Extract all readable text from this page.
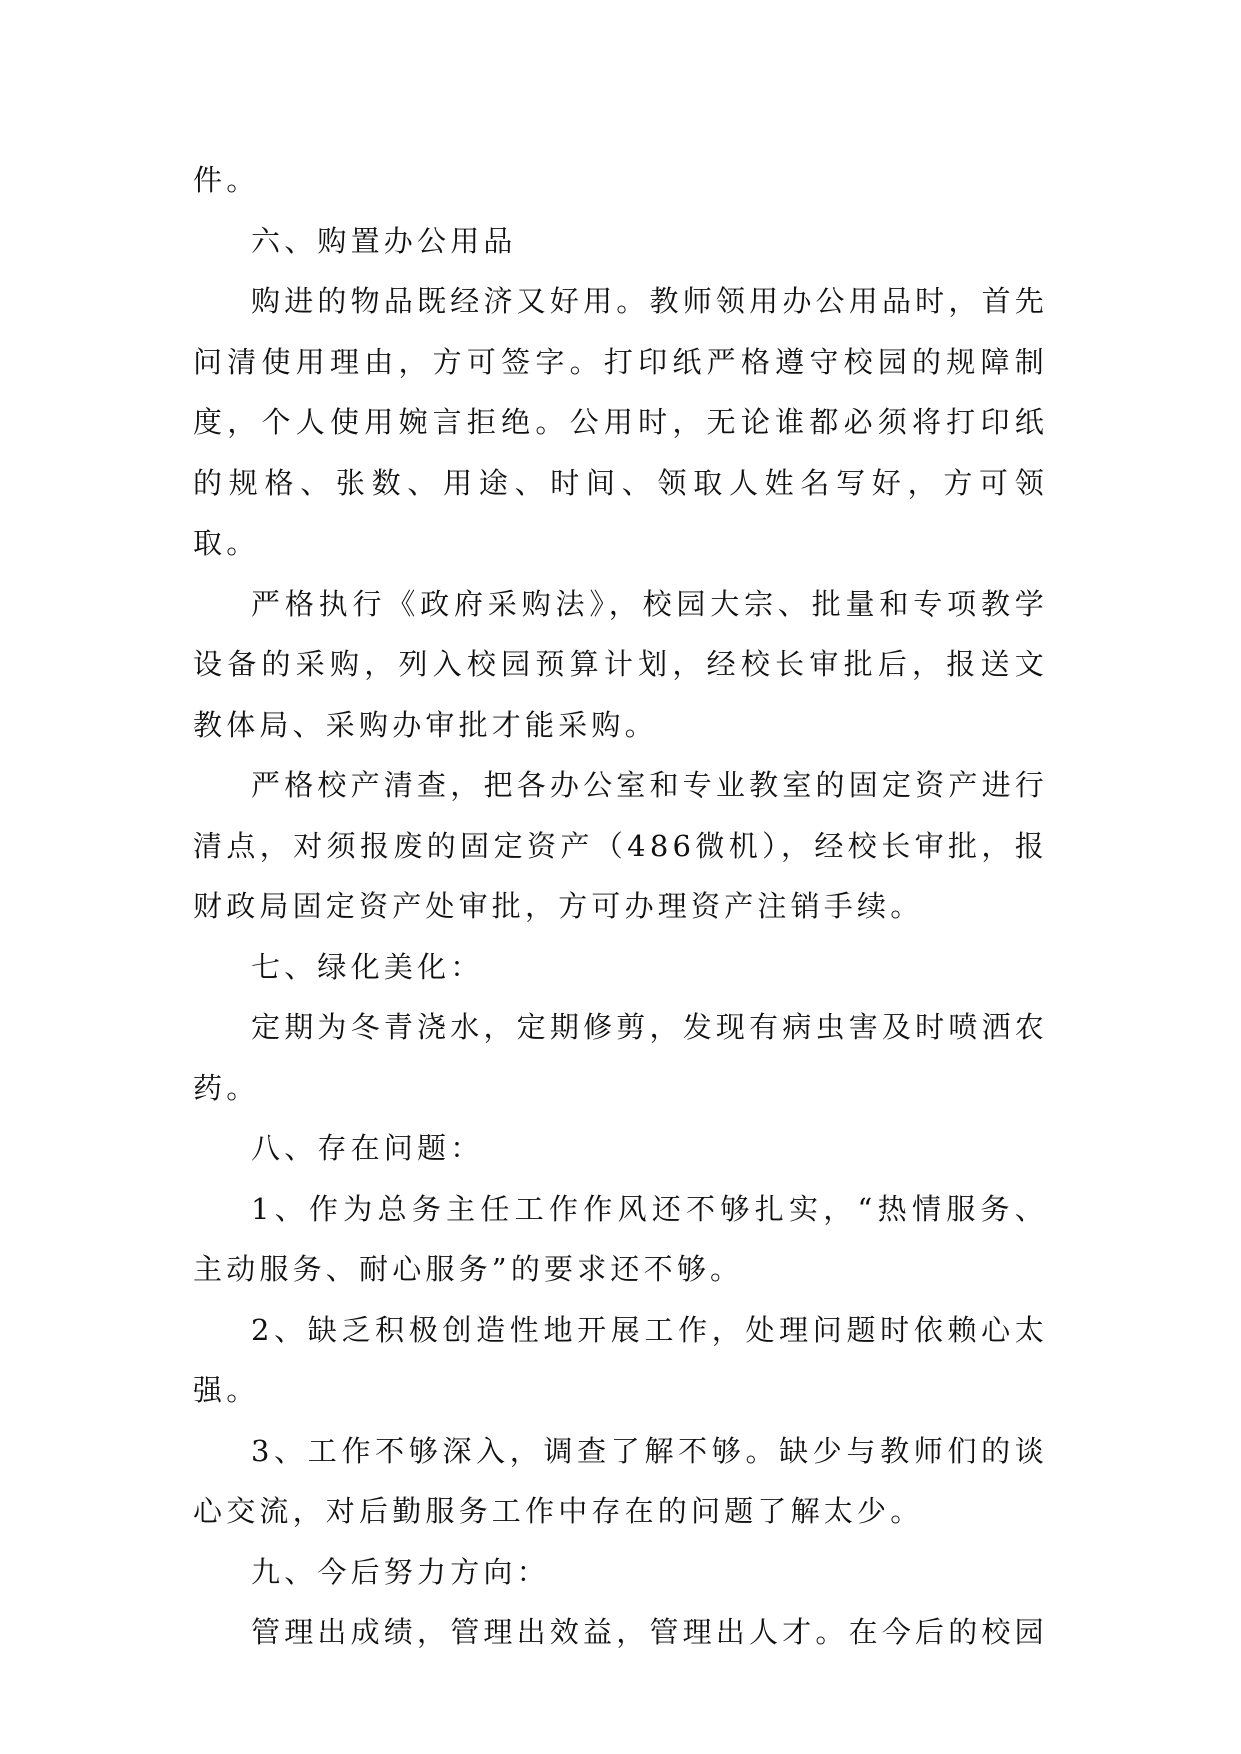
件。

六、购置办公用品

购进的物品既经济又好用。教师领用办公用品时，首先问清使用理由，方可签字。打印纸严格遵守校园的规障制度，个人使用婉言拒绝。公用时，无论谁都必须将打印纸的规格、张数、用途、时间、领取人姓名写好，方可领取。

严格执行《政府采购法》，校园大宗、批量和专项教学设备的采购，列入校园预算计划，经校长审批后，报送文教体局、采购办审批才能采购。

严格校产清查，把各办公室和专业教室的固定资产进行清点，对须报废的固定资产（486微机），经校长审批，报财政局固定资产处审批，方可办理资产注销手续。

七、绿化美化：

定期为冬青浇水，定期修剪，发现有病虫害及时喷洒农药。

八、存在问题：

1、作为总务主任工作作风还不够扎实，“热情服务、主动服务、耐心服务”的要求还不够。

2、缺乏积极创造性地开展工作，处理问题时依赖心太强。

3、工作不够深入，调查了解不够。缺少与教师们的谈心交流，对后勤服务工作中存在的问题了解太少。

九、今后努力方向：

管理出成绩，管理出效益，管理出人才。在今后的校园
